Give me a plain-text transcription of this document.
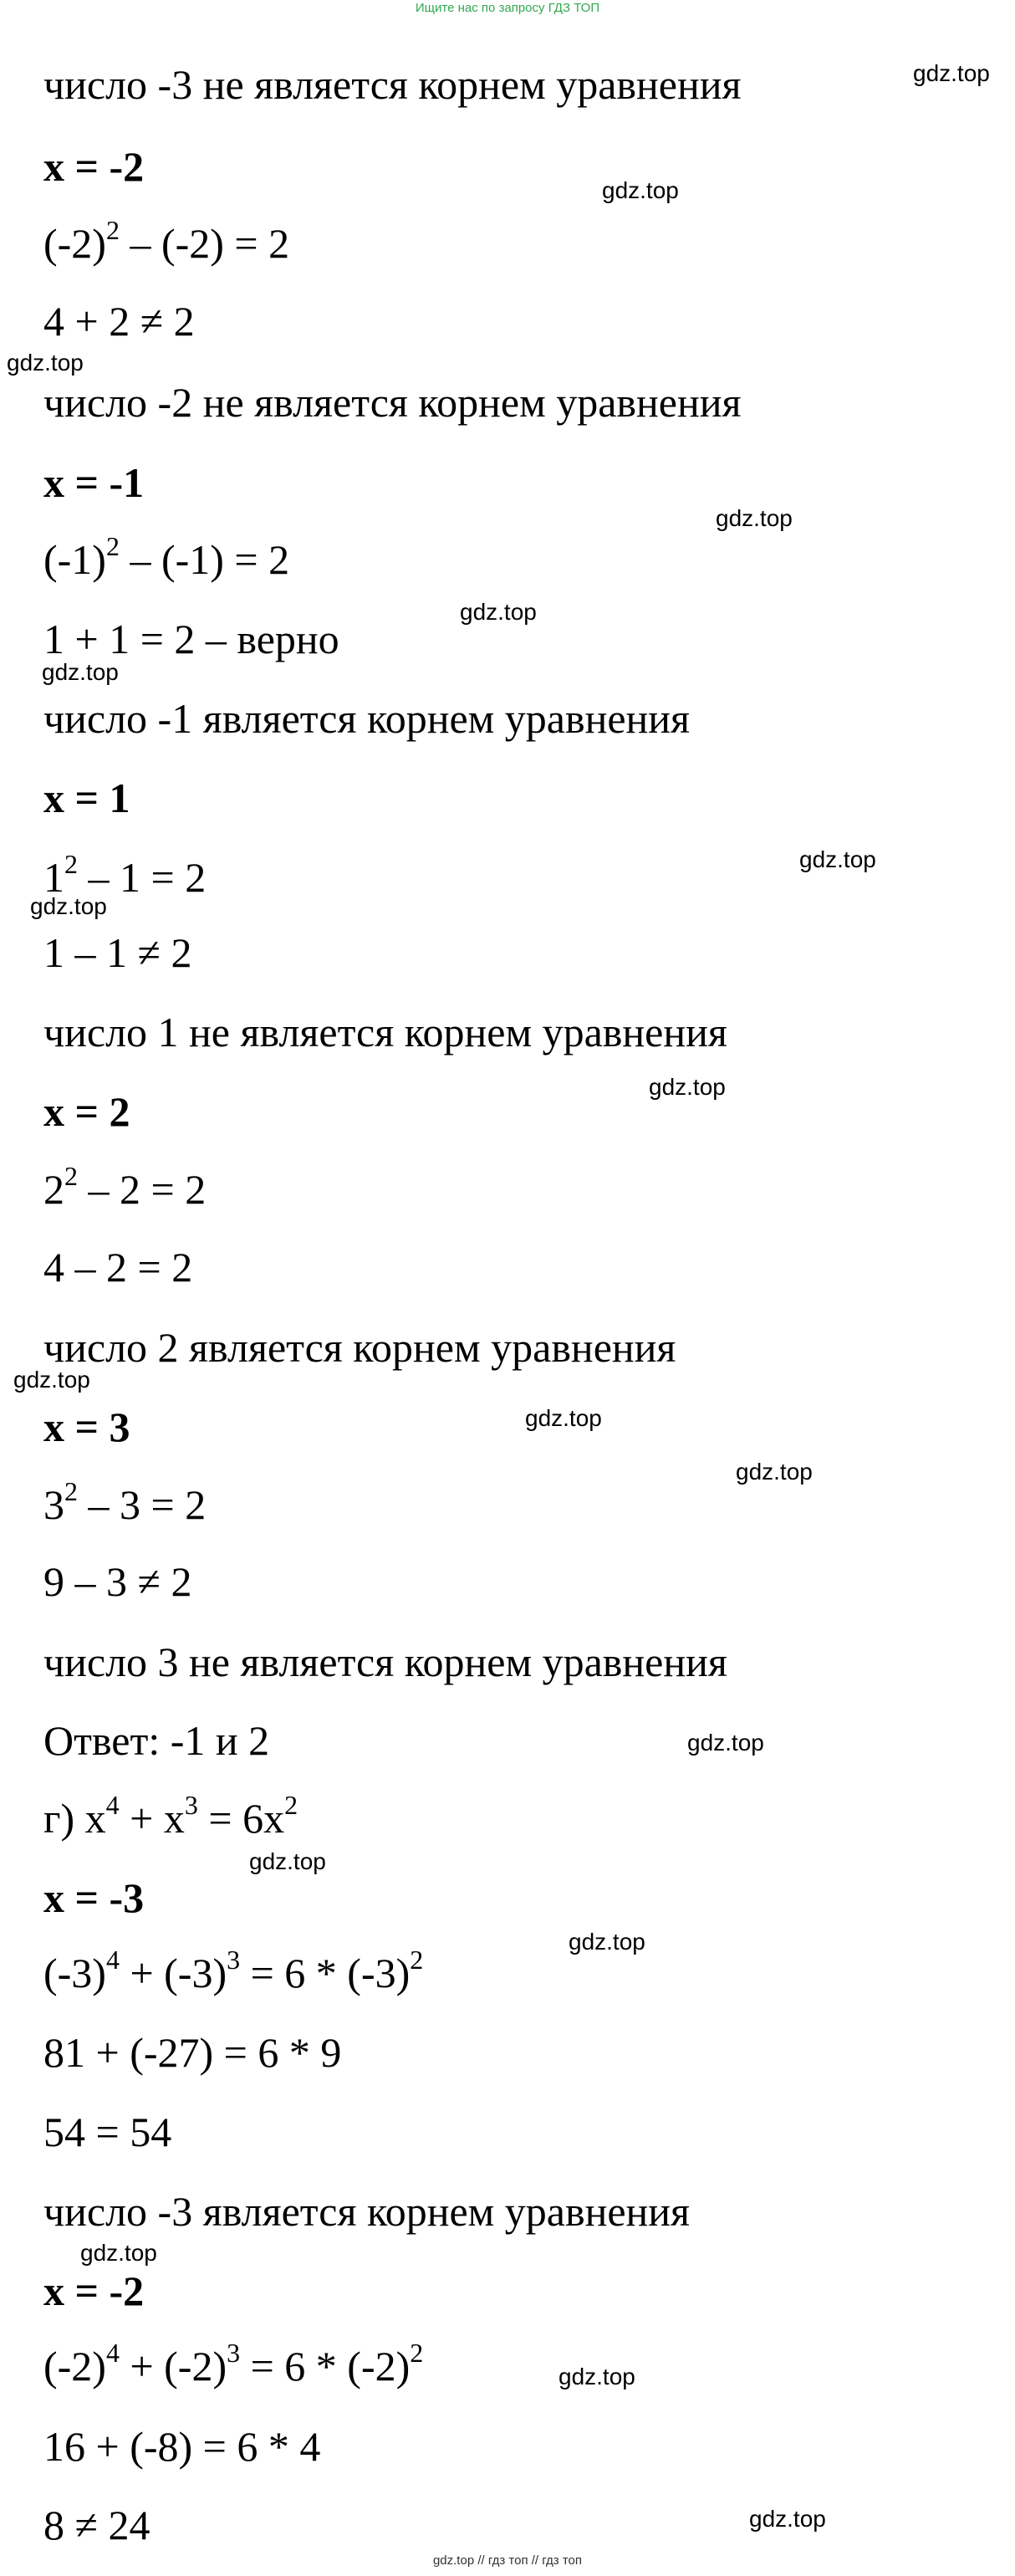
Ищите нас по запросу ГДЗ ТОП
число -3 не является корнем уравнения
x = -2
$(-2)^2 - (-2) = 2$
4 + 2 ≠ 2
число -2 не является корнем уравнения
x = -1
$(-1)^2 - (-1) = 2$
1 + 1 = 2 – верно
число -1 является корнем уравнения
x = 1
$1^2 - 1 = 2$
1 – 1 ≠ 2
число 1 не является корнем уравнения
x = 2
$2^2 - 2 = 2$
4 – 2 = 2
число 2 является корнем уравнения
x = 3
$3^2 - 3 = 2$
9 – 3 ≠ 2
число 3 не является корнем уравнения
Ответ: -1 и 2
г) $x^4 + x^3 = 6x^2$
x = -3
$(-3)^4 + (-3)^3 = 6 * (-3)^2$
81 + (-27) = 6 * 9
54 = 54
число -3 является корнем уравнения
x = -2
$(-2)^4 + (-2)^3 = 6 * (-2)^2$
16 + (-8) = 6 * 4
8 ≠ 24
gdz.top
gdz.top
gdz.top
gdz.top
gdz.top
gdz.top
gdz.top
gdz.top
gdz.top
gdz.top
gdz.top
gdz.top
gdz.top
gdz.top
gdz.top
gdz.top
gdz.top
gdz.top
gdz.top // гдз топ // гдз топ
